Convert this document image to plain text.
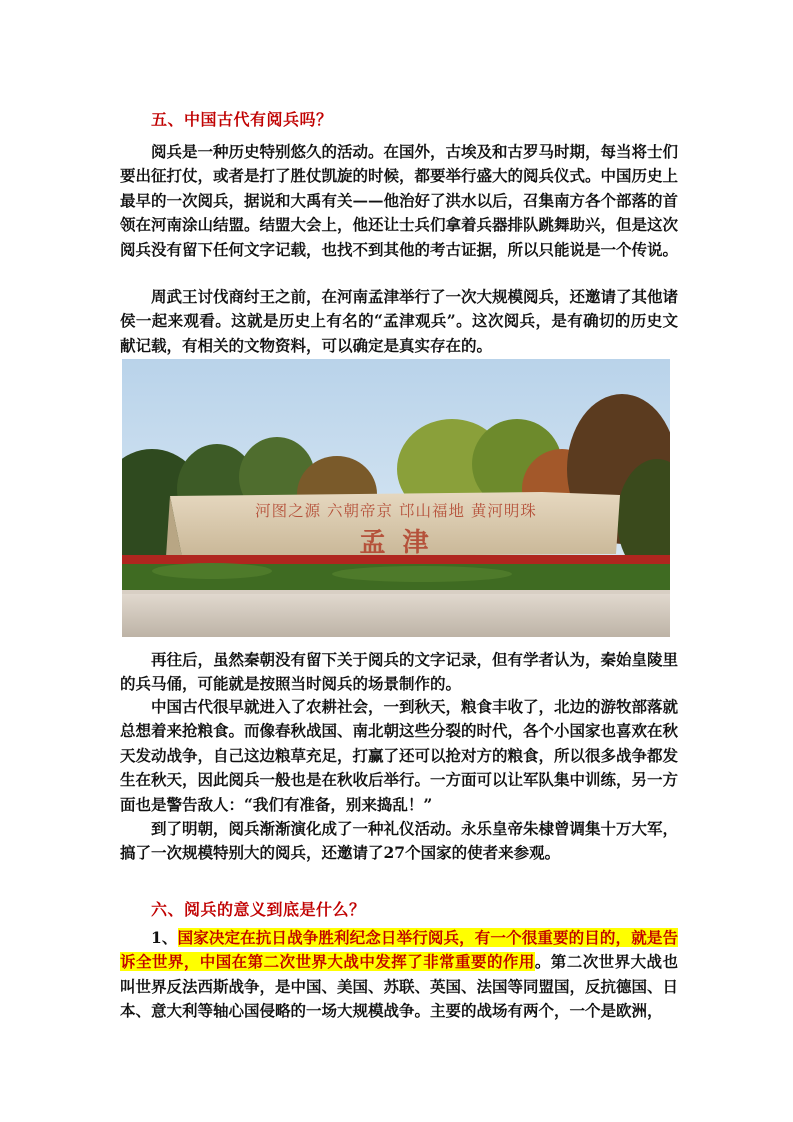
五、中国古代有阅兵吗？

阅兵是一种历史特别悠久的活动。在国外，古埃及和古罗马时期，每当将士们要出征打仗，或者是打了胜仗凯旋的时候，都要举行盛大的阅兵仪式。中国历史上最早的一次阅兵，据说和大禹有关——他治好了洪水以后，召集南方各个部落的首领在河南涂山结盟。结盟大会上，他还让士兵们拿着兵器排队跳舞助兴，但是这次阅兵没有留下任何文字记载，也找不到其他的考古证据，所以只能说是一个传说。

周武王讨伐商纣王之前，在河南孟津举行了一次大规模阅兵，还邀请了其他诸侯一起来观看。这就是历史上有名的“孟津观兵”。这次阅兵，是有确切的历史文献记载，有相关的文物资料，可以确定是真实存在的。

河图之源 六朝帝京 邙山福地 黄河明珠
孟 津

再往后，虽然秦朝没有留下关于阅兵的文字记录，但有学者认为，秦始皇陵里的兵马俑，可能就是按照当时阅兵的场景制作的。

中国古代很早就进入了农耕社会，一到秋天，粮食丰收了，北边的游牧部落就总想着来抢粮食。而像春秋战国、南北朝这些分裂的时代，各个小国家也喜欢在秋天发动战争，自己这边粮草充足，打赢了还可以抢对方的粮食，所以很多战争都发生在秋天，因此阅兵一般也是在秋收后举行。一方面可以让军队集中训练，另一方面也是警告敌人：“我们有准备，别来捣乱！”

到了明朝，阅兵渐渐演化成了一种礼仪活动。永乐皇帝朱棣曾调集十万大军，搞了一次规模特别大的阅兵，还邀请了27个国家的使者来参观。

六、阅兵的意义到底是什么？

1、国家决定在抗日战争胜利纪念日举行阅兵，有一个很重要的目的，就是告诉全世界，中国在第二次世界大战中发挥了非常重要的作用。第二次世界大战也叫世界反法西斯战争，是中国、美国、苏联、英国、法国等同盟国，反抗德国、日本、意大利等轴心国侵略的一场大规模战争。主要的战场有两个，一个是欧洲，
